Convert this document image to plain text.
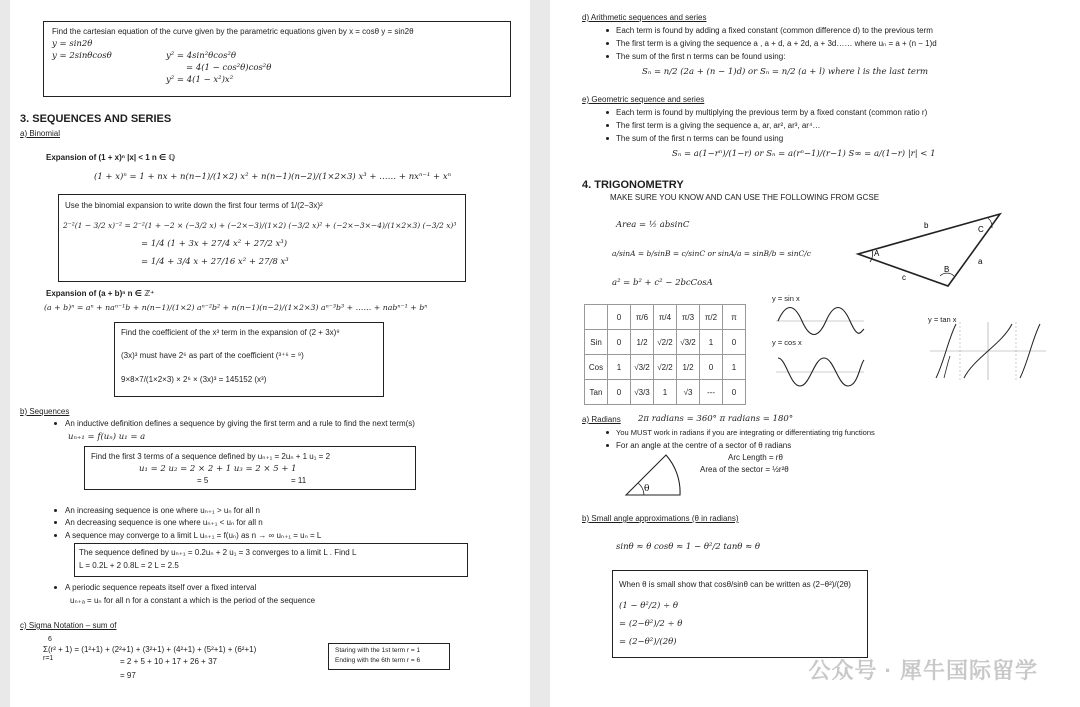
Find the cartesian equation of the curve given by the parametric equations given by x = cosθ y = sin2θ
y = sin2θ
y = 2sinθcosθ	y² = 4sin²θcos²θ
= 4(1 − cos²θ)cos²θ
y² = 4(1 − x²)x²
3. SEQUENCES AND SERIES
a) Binomial
Expansion of (1 + x)ⁿ |x| < 1 n ∈ ℚ
(1 + x)ⁿ = 1 + nx + n(n−1)/(1×2) x² + n(n−1)(n−2)/(1×2×3) x³ + …… + nxⁿ⁻¹ + xⁿ
Use the binomial expansion to write down the first four terms of 1/(2−3x)²
2⁻²(1 − 3/2 x)⁻² = 2⁻²(1 + −2 × (−3/2 x) + (−2×−3)/(1×2) (−3/2 x)² + (−2×−3×−4)/(1×2×3) (−3/2 x)³
= 1/4 (1 + 3x + 27/4 x² + 27/2 x³)
= 1/4 + 3/4 x + 27/16 x² + 27/8 x³
Expansion of (a + b)ⁿ n ∈ ℤ⁺
(a + b)ⁿ = aⁿ + naⁿ⁻¹b + n(n−1)/(1×2) aⁿ⁻²b² + n(n−1)(n−2)/(1×2×3) aⁿ⁻³b³ + …… + nabⁿ⁻¹ + bⁿ
Find the coefficient of the x³ term in the expansion of (2 + 3x)⁹
(3x)³ must have 2⁶ as part of the coefficient (³⁺⁶ = ⁹)
9×8×7/(1×2×3) × 2⁶ × (3x)³ = 145152 (x³)
b) Sequences
An inductive definition defines a sequence by giving the first term and a rule to find the next term(s)
uₙ₊₁ = f(uₙ) u₁ = a
Find the first 3 terms of a sequence defined by uₙ₊₁ = 2uₙ + 1 u₁ = 2
u₁ = 2 u₂ = 2 × 2 + 1 u₃ = 2 × 5 + 1
= 5	= 11
An increasing sequence is one where uₙ₊₁ > uₙ for all n
An decreasing sequence is one where uₙ₊₁ < uₙ for all n
A sequence may converge to a limit L uₙ₊₁ = f(uₙ) as n → ∞ uₙ₊₁ = uₙ = L
The sequence defined by uₙ₊₁ = 0.2uₙ + 2 u₁ = 3 converges to a limit L . Find L
L = 0.2L + 2 0.8L = 2 L = 2.5
A periodic sequence repeats itself over a fixed interval
uₙ₊ₐ = uₙ for all n for a constant a which is the period of the sequence
c) Sigma Notation – sum of
6
Σ(r² + 1) = (1²+1) + (2²+1) + (3²+1) + (4²+1) + (5²+1) + (6²+1)
r=1	= 2 + 5 + 10 + 17 + 26 + 37
= 97
Staring with the 1st term r = 1
Ending with the 6th term r = 6
d) Arithmetic sequences and series
Each term is found by adding a fixed constant (common difference d) to the previous term
The first term is a giving the sequence a , a + d, a + 2d, a + 3d…… where uₙ = a + (n − 1)d
The sum of the first n terms can be found using:
Sₙ = n/2 (2a + (n − 1)d) or Sₙ = n/2 (a + l) where l is the last term
e) Geometric sequence and series
Each term is found by multiplying the previous term by a fixed constant (common ratio r)
The first term is a giving the sequence a, ar, ar², ar³, ar⁴…
The sum of the first n terms can be found using
Sₙ = a(1−rⁿ)/(1−r) or Sₙ = a(rⁿ−1)/(r−1) S∞ = a/(1−r) |r| < 1
4. TRIGONOMETRY
MAKE SURE YOU KNOW AND CAN USE THE FOLLOWING FROM GCSE
Area = ½ absinC
a/sinA = b/sinB = c/sinC or sinA/a = sinB/b = sinC/c
a² = b² + c² − 2bcCosA
A
B
C
a
b
c
	0	π/6	π/4	π/3	π/2	π
Sin	0	1/2	√2/2	√3/2	1	0
Cos	1	√3/2	√2/2	1/2	0	1
Tan	0	√3/3	1	√3	---	0
y = sin x
y = cos x
y = tan x
a) Radians 2π radians = 360° π radians = 180°
You MUST work in radians if you are integrating or differentiating trig functions
For an angle at the centre of a sector of θ radians
Arc Length = rθ
Area of the sector = ½r²θ
θ
b) Small angle approximations (θ in radians)
sinθ ≈ θ cosθ ≈ 1 − θ²/2 tanθ ≈ θ
When θ is small show that cosθ/sinθ can be written as (2−θ²)/(2θ)
(1 − θ²/2) ÷ θ
= (2−θ²)/2 ÷ θ
= (2−θ²)/(2θ)
公众号 · 犀牛国际留学
